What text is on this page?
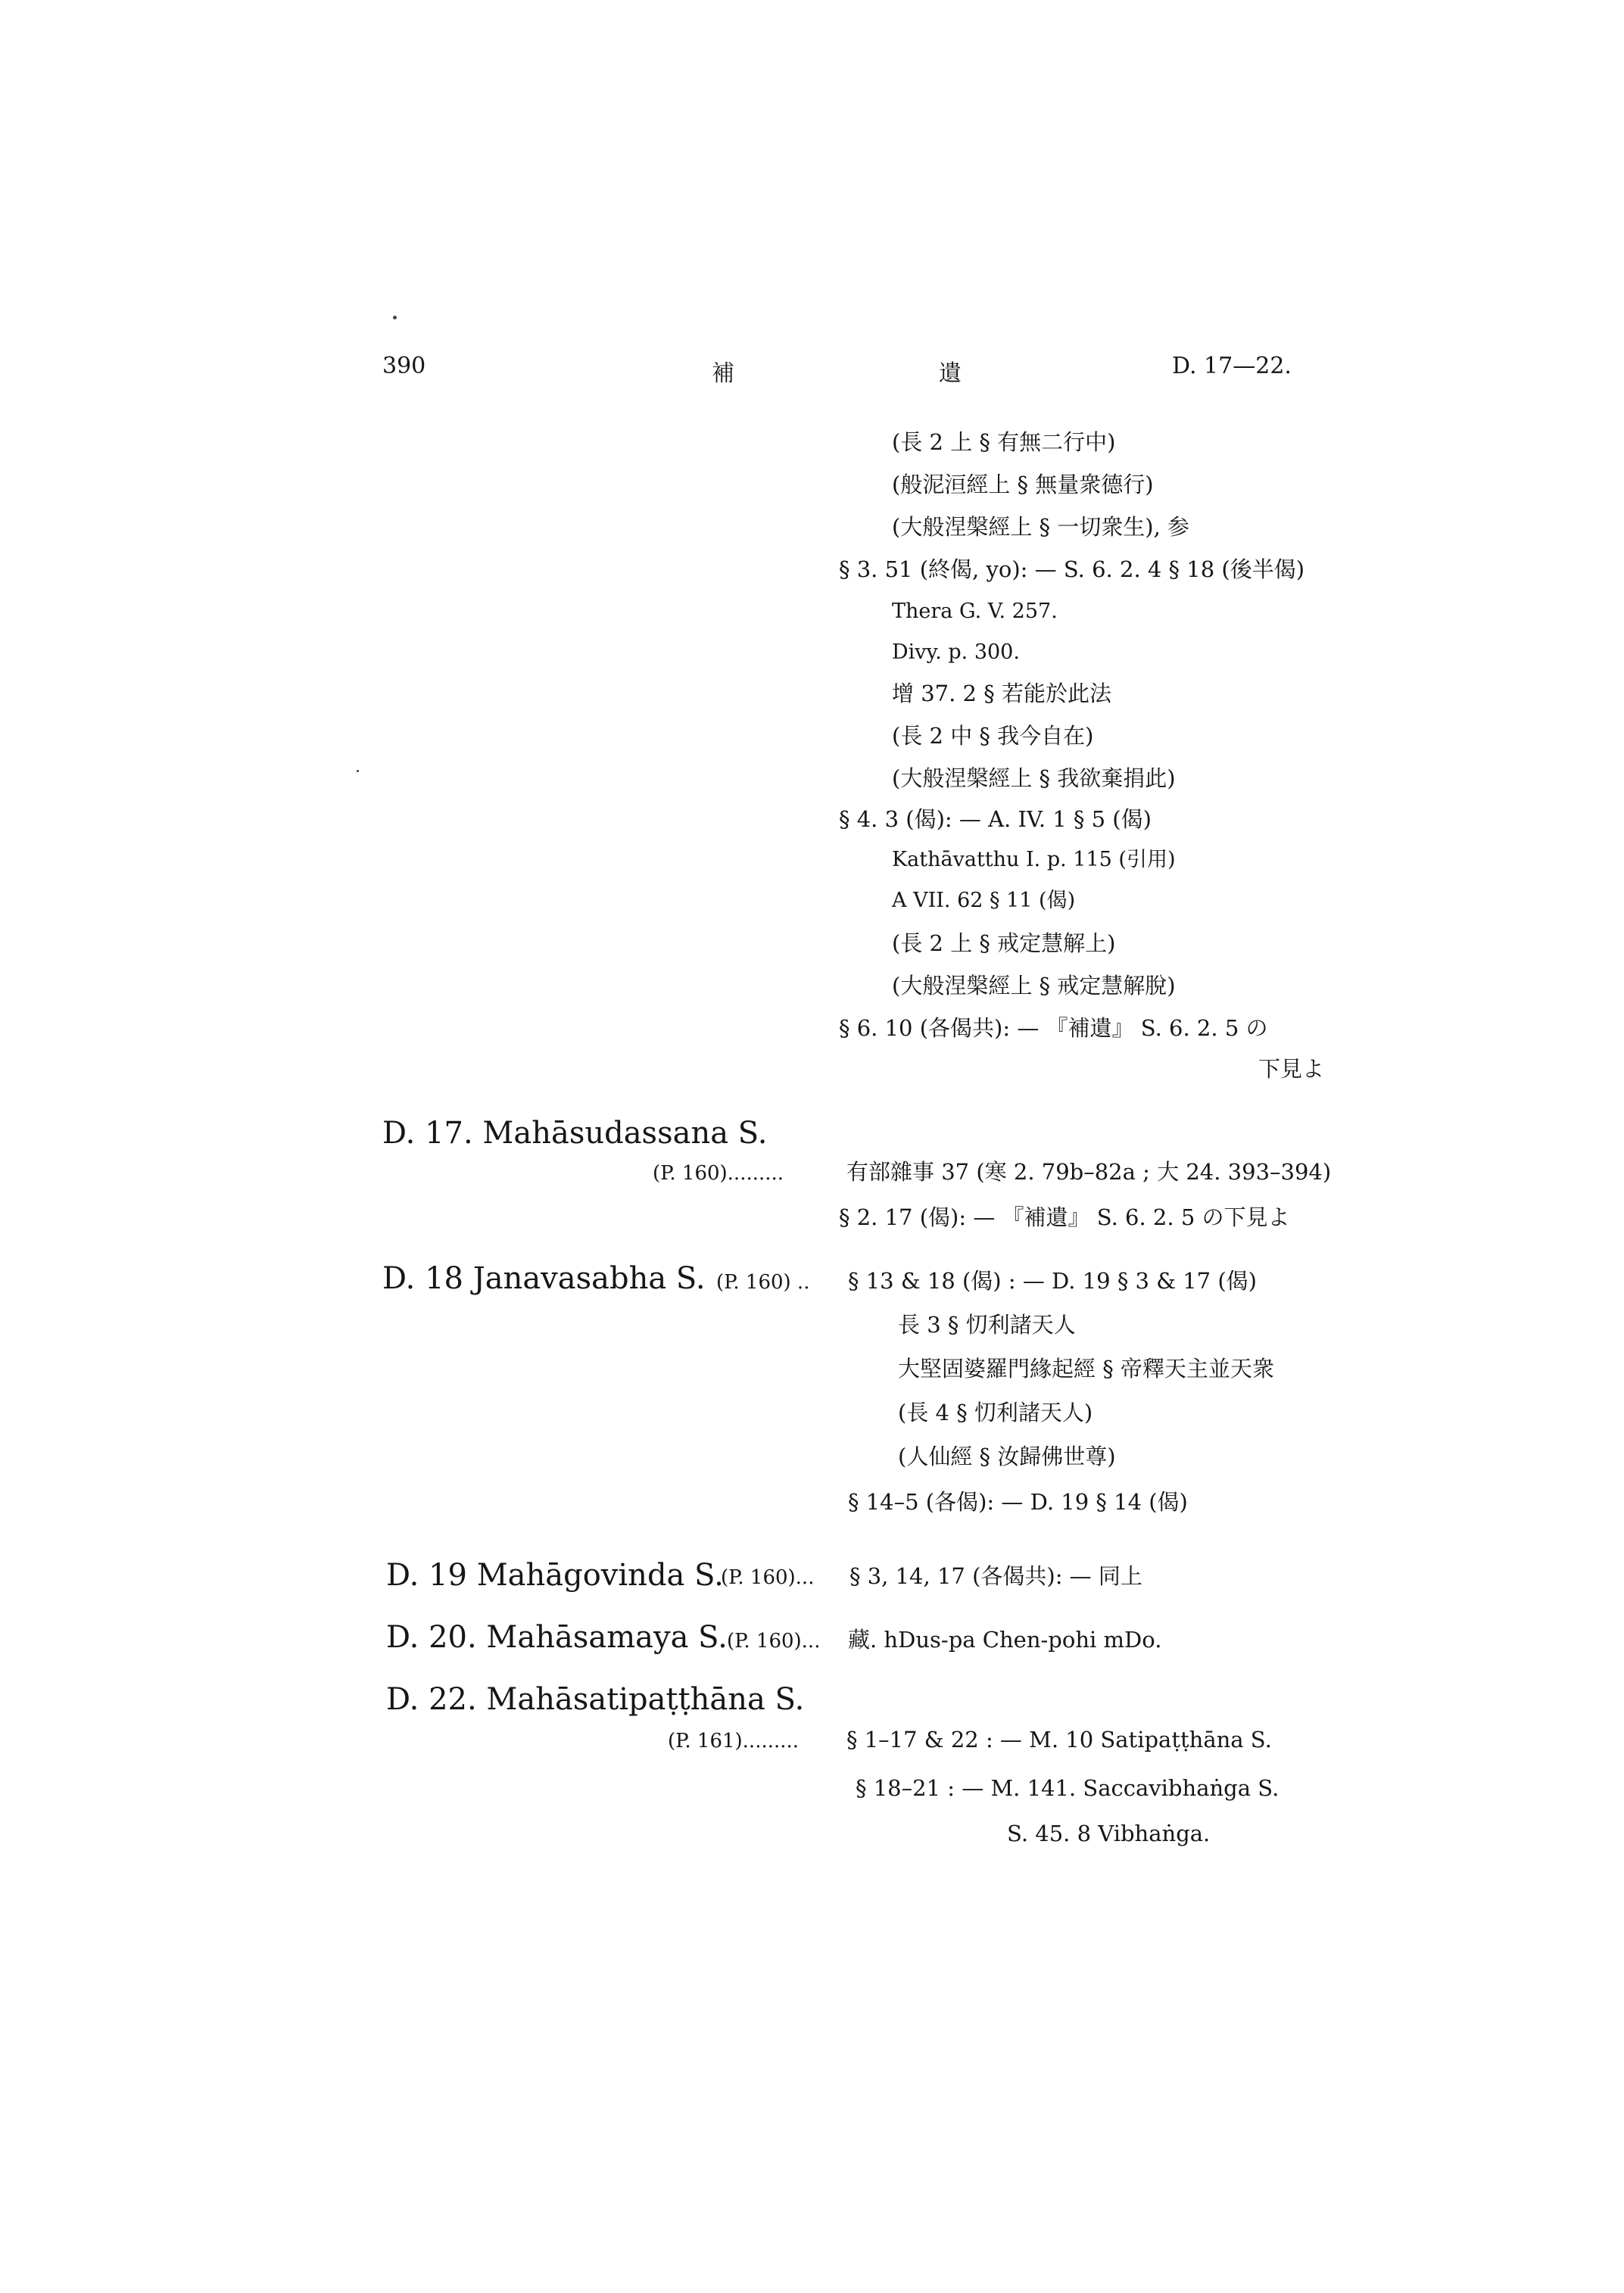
390	補	遺	D. 17—22.
(長 2 上 § 有無二行中)
(般泥洹經上 § 無量衆德行)
(大般涅槃經上 § 一切衆生), 参
§ 3. 51 (終偈, yo): — S. 6. 2. 4 § 18 (後半偈)
Thera G. V. 257.
Divy. p. 300.
增 37. 2 § 若能於此法
(長 2 中 § 我今自在)
(大般涅槃經上 § 我欲棄捐此)
§ 4. 3 (偈): — A. IV. 1 § 5 (偈)
Kathāvatthu I. p. 115 (引用)
A VII. 62 § 11 (偈)
(長 2 上 § 戒定慧解上)
(大般涅槃經上 § 戒定慧解脫)
§ 6. 10 (各偈共): — 『補遺』 S. 6. 2. 5 の
下見よ
D. 17. Mahāsudassana S.
(P. 160).........	有部雜事 37 (寒 2. 79b–82a ; 大 24. 393–394)
§ 2. 17 (偈): — 『補遺』 S. 6. 2. 5 の下見よ
D. 18 Janavasabha S. (P. 160) .. § 13 & 18 (偈) : — D. 19 § 3 & 17 (偈)
長 3 § 忉利諸天人
大堅固婆羅門緣起經 § 帝釋天主並天衆
(長 4 § 忉利諸天人)
(人仙經 § 汝歸佛世尊)
§ 14–5 (各偈): — D. 19 § 14 (偈)
D. 19 Mahāgovinda S.
(P. 160)... § 3, 14, 17 (各偈共): — 同上
D. 20. Mahāsamaya S. (P. 160)... 藏. hDus-pa Chen-pohi mDo.
D. 22. Mahāsatipaṭṭhāna S.
(P. 161)......... § 1–17 & 22 : — M. 10 Satipaṭṭhāna S.
§ 18–21 : — M. 141. Saccavibhaṅga S.
S. 45. 8 Vibhaṅga.
